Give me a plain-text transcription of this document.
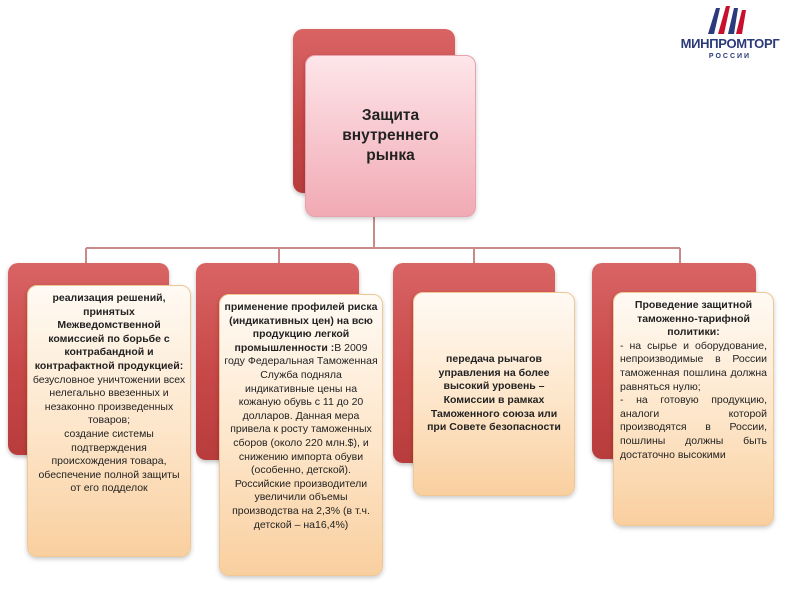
МИНПРОМТОРГ
РОССИИ
Защита внутреннего рынка
реализация решений, принятых Межведомственной комиссией по борьбе с контрабандной и контрафактной продукцией:
безусловное уничтожении всех нелегально ввезенных и незаконно произведенных товаров;
создание системы подтверждения происхождения товара, обеспечение полной защиты от его подделок
применение профилей риска (индикативных цен) на всю продукцию легкой промышленности :В 2009 году Федеральная Таможенная Служба подняла индикативные цены на кожаную обувь с 11 до 20 долларов. Данная мера привела к росту таможенных сборов (около 220 млн.$), и снижению импорта обуви (особенно, детской). Российские производители увеличили объемы производства на 2,3% (в т.ч. детской – на16,4%)
передача рычагов управления на более высокий уровень – Комиссии в рамках Таможенного союза или при Совете безопасности
Проведение защитной таможенно-тарифной политики:
- на сырье и оборудование, непроизводимые в России таможенная пошлина должна равняться нулю;
- на готовую продукцию, аналоги которой производятся в России, пошлины должны быть достаточно высокими
